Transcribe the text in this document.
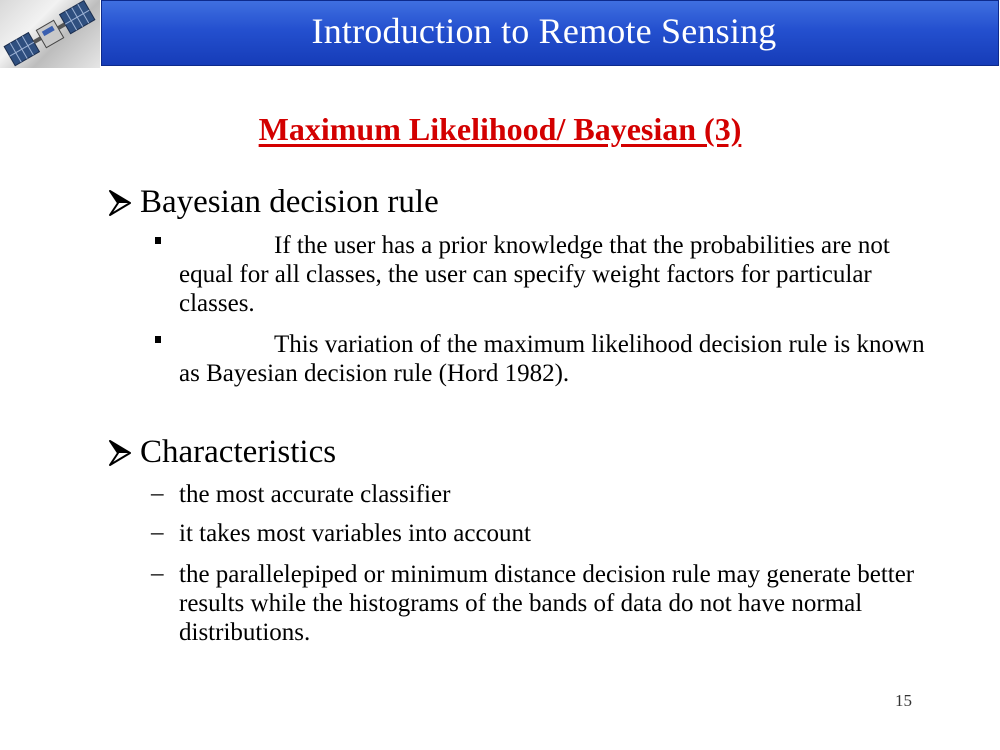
Introduction to Remote Sensing
Maximum Likelihood/ Bayesian (3)
Bayesian decision rule
If the user has a prior knowledge that the probabilities are not equal for all classes, the user can specify weight factors for particular classes.
This variation of the maximum likelihood decision rule is known as Bayesian decision rule (Hord 1982).
Characteristics
– the most accurate classifier
– it takes most variables into account
– the parallelepiped or minimum distance decision rule may generate better results while the histograms of the bands of data do not have normal distributions.
15
